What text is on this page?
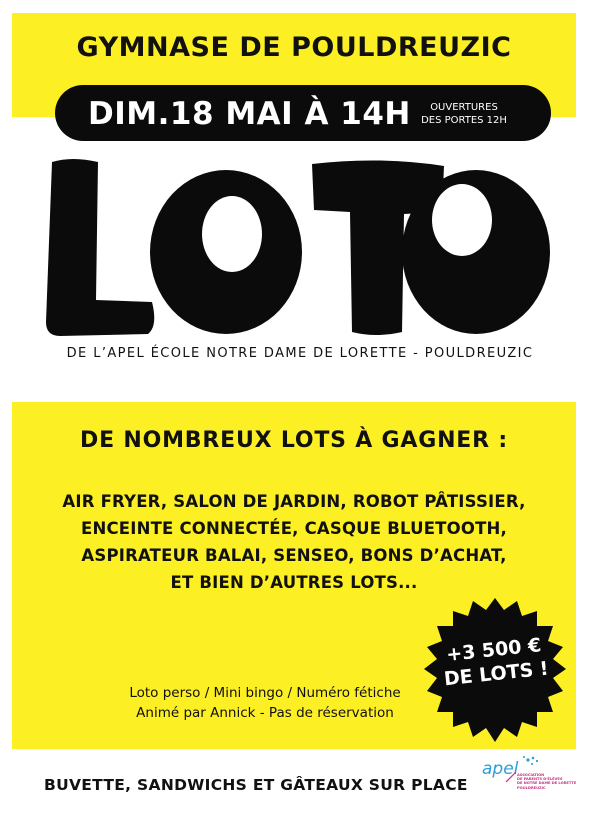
GYMNASE DE POULDREUZIC
DIM.18 MAI À 14H	OUVERTURES
DES PORTES 12H
LOTO
DE L’APEL ÉCOLE NOTRE DAME DE LORETTE - POULDREUZIC
DE NOMBREUX LOTS À GAGNER :
AIR FRYER, SALON DE JARDIN, ROBOT PÂTISSIER,
ENCEINTE CONNECTÉE, CASQUE BLUETOOTH,
ASPIRATEUR BALAI, SENSEO, BONS D’ACHAT,
ET BIEN D’AUTRES LOTS...
+3 500 €
DE LOTS !
Loto perso / Mini bingo / Numéro fétiche
Animé par Annick - Pas de réservation
BUVETTE, SANDWICHS ET GÂTEAUX SUR PLACE
apel
ASSOCIATION
DE PARENTS D'ÉLÈVES
DE NOTRE DAME DE LORETTE
POULDREUZIC
